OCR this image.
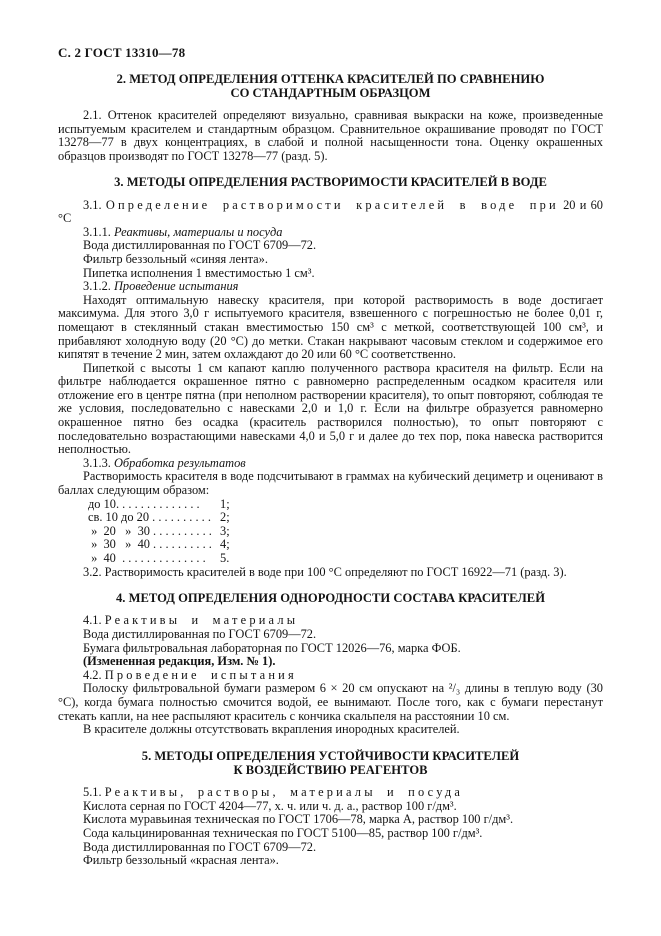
С. 2 ГОСТ 13310—78
2. МЕТОД ОПРЕДЕЛЕНИЯ ОТТЕНКА КРАСИТЕЛЕЙ ПО СРАВНЕНИЮ
СО СТАНДАРТНЫМ ОБРАЗЦОМ

2.1. Оттенок красителей определяют визуально, сравнивая выкраски на коже, произведенные испытуемым красителем и стандартным образцом. Сравнительное окрашивание проводят по ГОСТ 13278—77 в двух концентрациях, в слабой и полной насыщенности тона. Оценку окрашенных образцов производят по ГОСТ 13278—77 (разд. 5).

3. МЕТОДЫ ОПРЕДЕЛЕНИЯ РАСТВОРИМОСТИ КРАСИТЕЛЕЙ В ВОДЕ

3.1. Определение растворимости красителей в воде при 20 и 60 °С

3.1.1. Реактивы, материалы и посуда

Вода дистиллированная по ГОСТ 6709—72.

Фильтр беззольный «синяя лента».

Пипетка исполнения 1 вместимостью 1 см³.

3.1.2. Проведение испытания

Находят оптимальную навеску красителя, при которой растворимость в воде достигает максимума. Для этого 3,0 г испытуемого красителя, взвешенного с погрешностью не более 0,01 г, помещают в стеклянный стакан вместимостью 150 см³ с меткой, соответствующей 100 см³, и прибавляют холодную воду (20 °С) до метки. Стакан накрывают часовым стеклом и содержимое его кипятят в течение 2 мин, затем охлаждают до 20 или 60 °С соответственно.

Пипеткой с высоты 1 см капают каплю полученного раствора красителя на фильтр. Если на фильтре наблюдается окрашенное пятно с равномерно распределенным осадком красителя или отложение его в центре пятна (при неполном растворении красителя), то опыт повторяют, соблюдая те же условия, последовательно с навесками 2,0 и 1,0 г. Если на фильтре образуется равномерно окрашенное пятно без осадка (краситель растворился полностью), то опыт повторяют с последовательно возрастающими навесками 4,0 и 5,0 г и далее до тех пор, пока навеска растворится неполностью.

3.1.3. Обработка результатов

Растворимость красителя в воде подсчитывают в граммах на кубический дециметр и оценивают в баллах следующим образом:

до 10. . . . . . . . . . . . . . 1;
св. 10 до 20 . . . . . . . . . . 2;
»  20   »  30 . . . . . . . . . . 3;
»  30   »  40 . . . . . . . . . . 4;
»  40  . . . . . . . . . . . . . . 5.

3.2. Растворимость красителей в воде при 100 °С определяют по ГОСТ 16922—71 (разд. 3).

4. МЕТОД ОПРЕДЕЛЕНИЯ ОДНОРОДНОСТИ СОСТАВА КРАСИТЕЛЕЙ

4.1. Реактивы и материалы

Вода дистиллированная по ГОСТ 6709—72.

Бумага фильтровальная лабораторная по ГОСТ 12026—76, марка ФОБ.

(Измененная редакция, Изм. № 1).

4.2. Проведение испытания

Полоску фильтровальной бумаги размером 6 × 20 см опускают на ²/₃ длины в теплую воду (30 °С), когда бумага полностью смочится водой, ее вынимают. После того, как с бумаги перестанут стекать капли, на нее распыляют краситель с кончика скальпеля на расстоянии 10 см.

В красителе должны отсутствовать вкрапления инородных красителей.

5. МЕТОДЫ ОПРЕДЕЛЕНИЯ УСТОЙЧИВОСТИ КРАСИТЕЛЕЙ
К ВОЗДЕЙСТВИЮ РЕАГЕНТОВ

5.1. Реактивы, растворы, материалы и посуда

Кислота серная по ГОСТ 4204—77, х. ч. или ч. д. а., раствор 100 г/дм³.

Кислота муравьиная техническая по ГОСТ 1706—78, марка А, раствор 100 г/дм³.

Сода кальцинированная техническая по ГОСТ 5100—85, раствор 100 г/дм³.

Вода дистиллированная по ГОСТ 6709—72.

Фильтр беззольный «красная лента».
